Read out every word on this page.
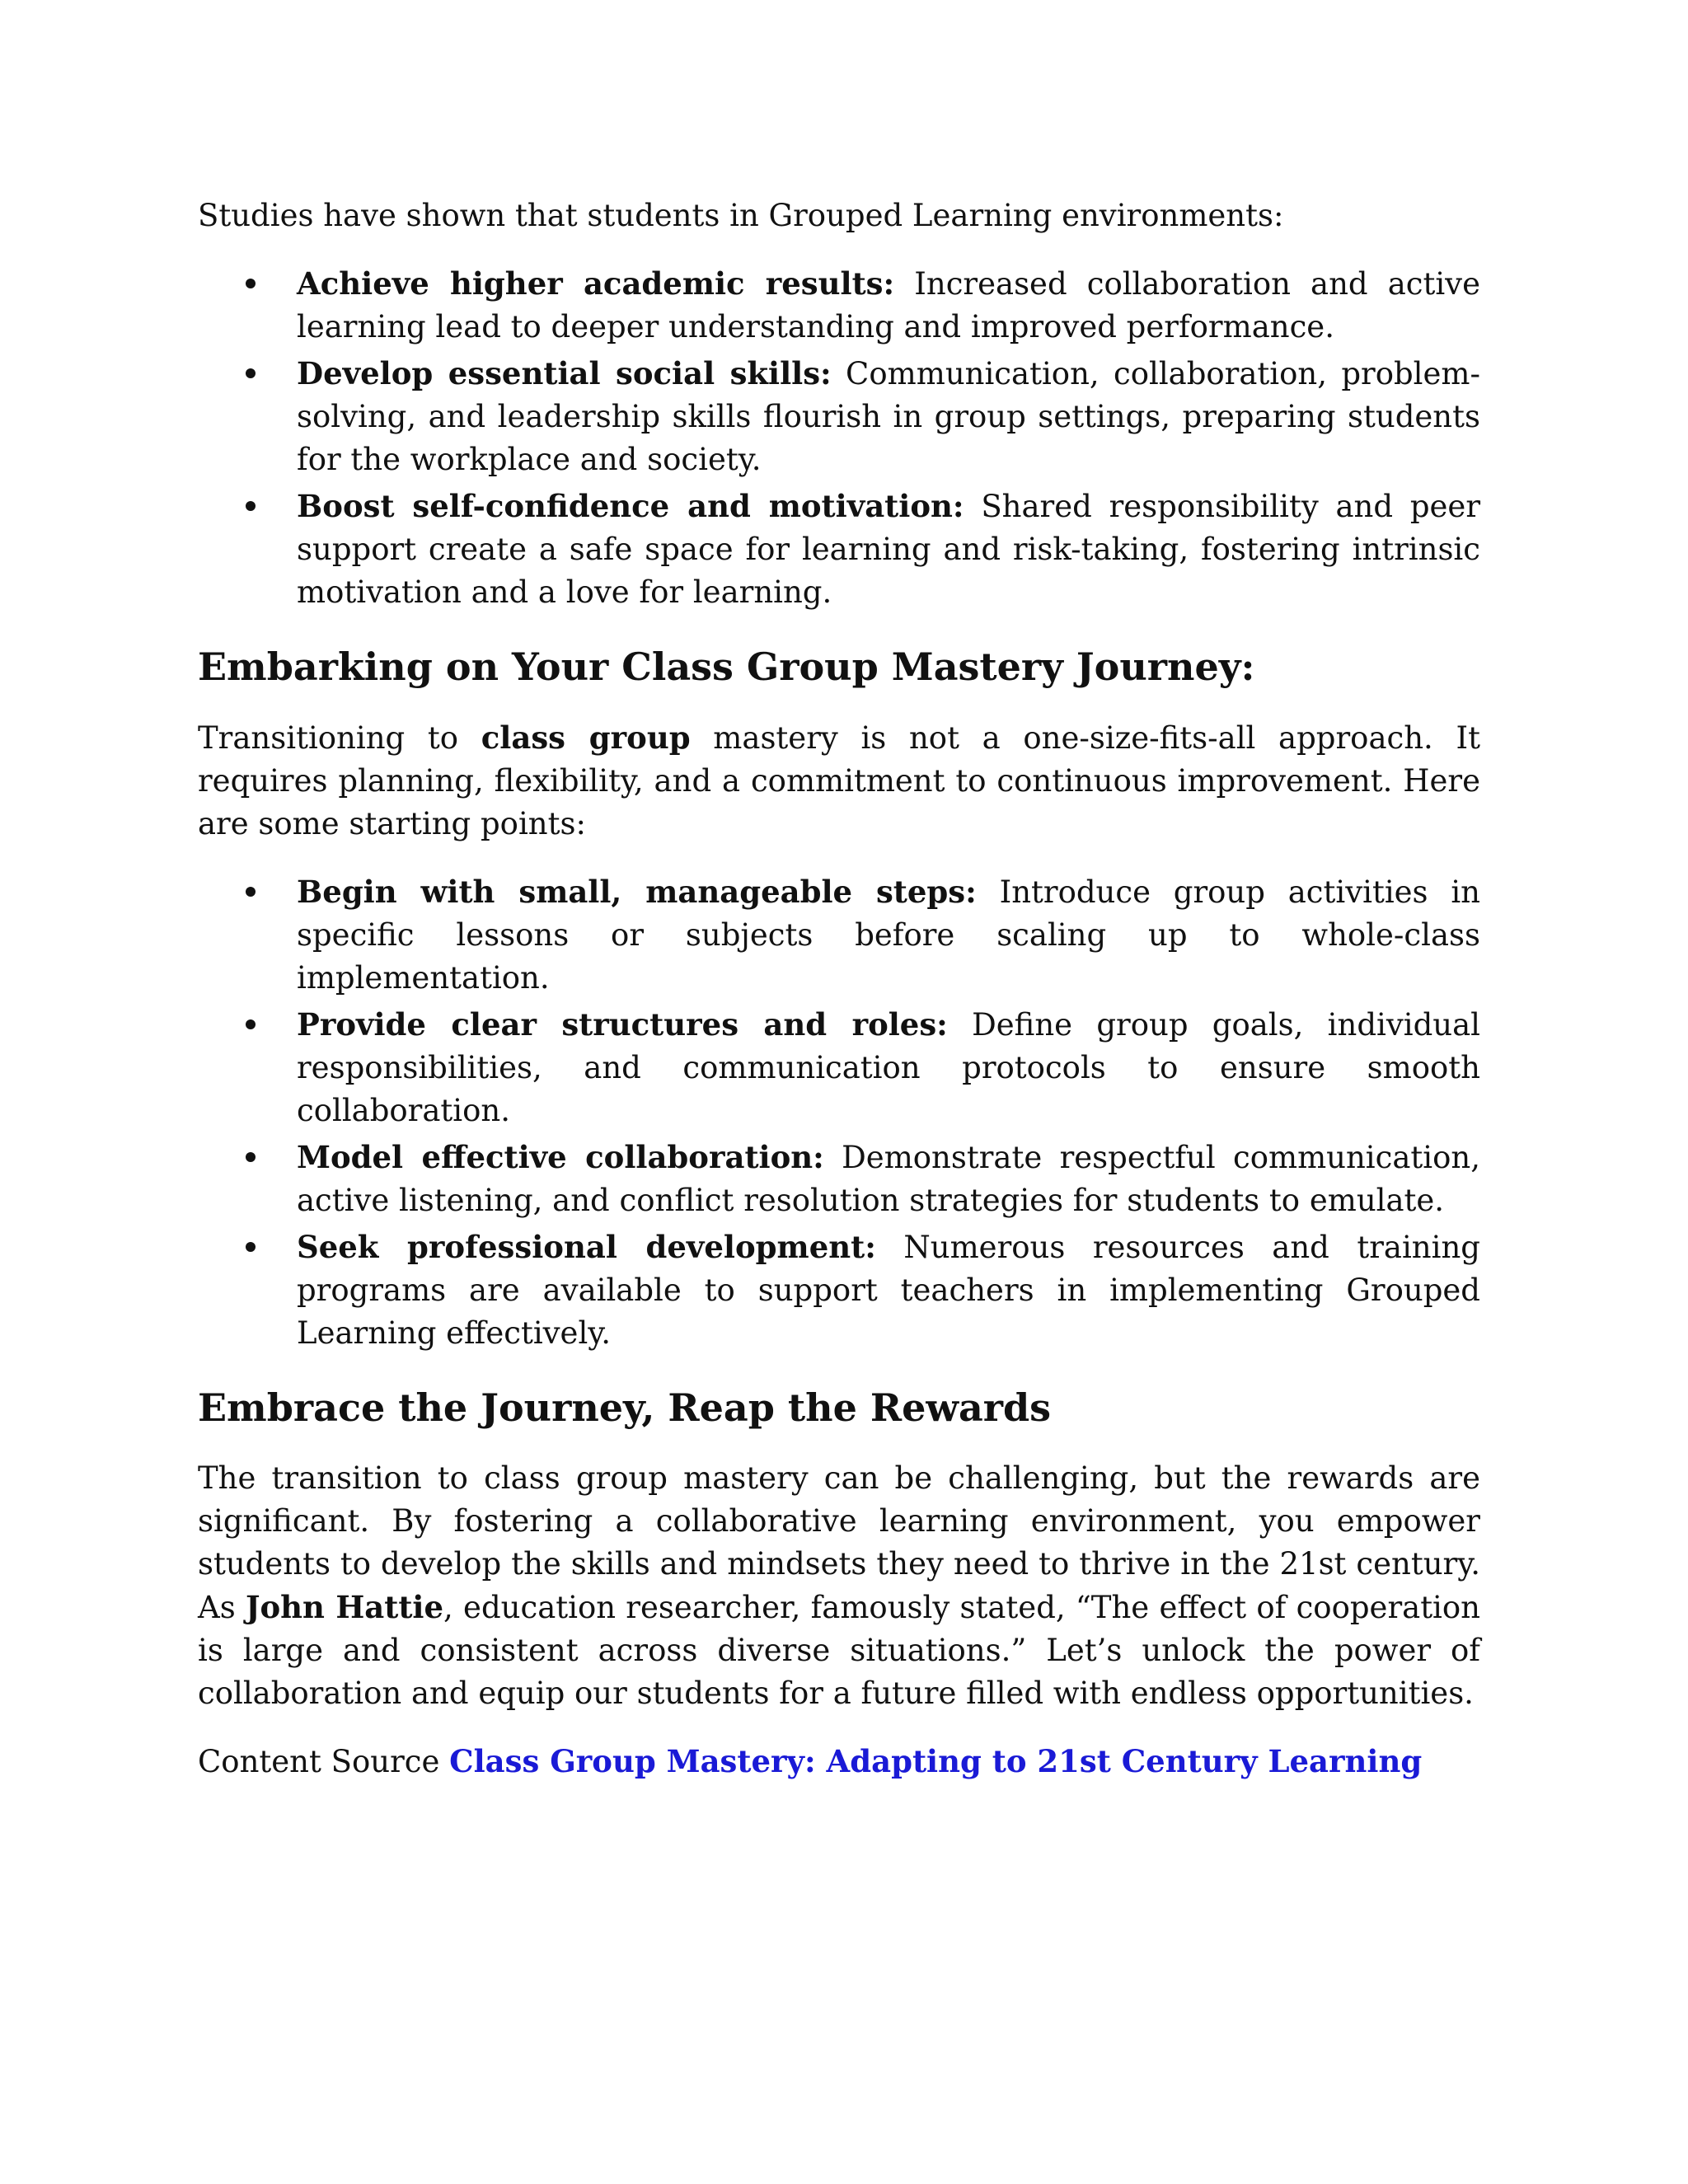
Studies have shown that students in Grouped Learning environments:

Achieve higher academic results: Increased collaboration and active learning lead to deeper understanding and improved performance.
Develop essential social skills: Communication, collaboration, problem-solving, and leadership skills flourish in group settings, preparing students for the workplace and society.
Boost self-confidence and motivation: Shared responsibility and peer support create a safe space for learning and risk-taking, fostering intrinsic motivation and a love for learning.
Embarking on Your Class Group Mastery Journey:

Transitioning to class group mastery is not a one-size-fits-all approach. It requires planning, flexibility, and a commitment to continuous improvement. Here are some starting points:

Begin with small, manageable steps: Introduce group activities in specific lessons or subjects before scaling up to whole-class implementation.
Provide clear structures and roles: Define group goals, individual responsibilities, and communication protocols to ensure smooth collaboration.
Model effective collaboration: Demonstrate respectful communication, active listening, and conflict resolution strategies for students to emulate.
Seek professional development: Numerous resources and training programs are available to support teachers in implementing Grouped Learning effectively.
Embrace the Journey, Reap the Rewards

The transition to class group mastery can be challenging, but the rewards are significant. By fostering a collaborative learning environment, you empower students to develop the skills and mindsets they need to thrive in the 21st century. As John Hattie, education researcher, famously stated, “The effect of cooperation is large and consistent across diverse situations.” Let’s unlock the power of collaboration and equip our students for a future filled with endless opportunities.

Content Source Class Group Mastery: Adapting to 21st Century Learning
